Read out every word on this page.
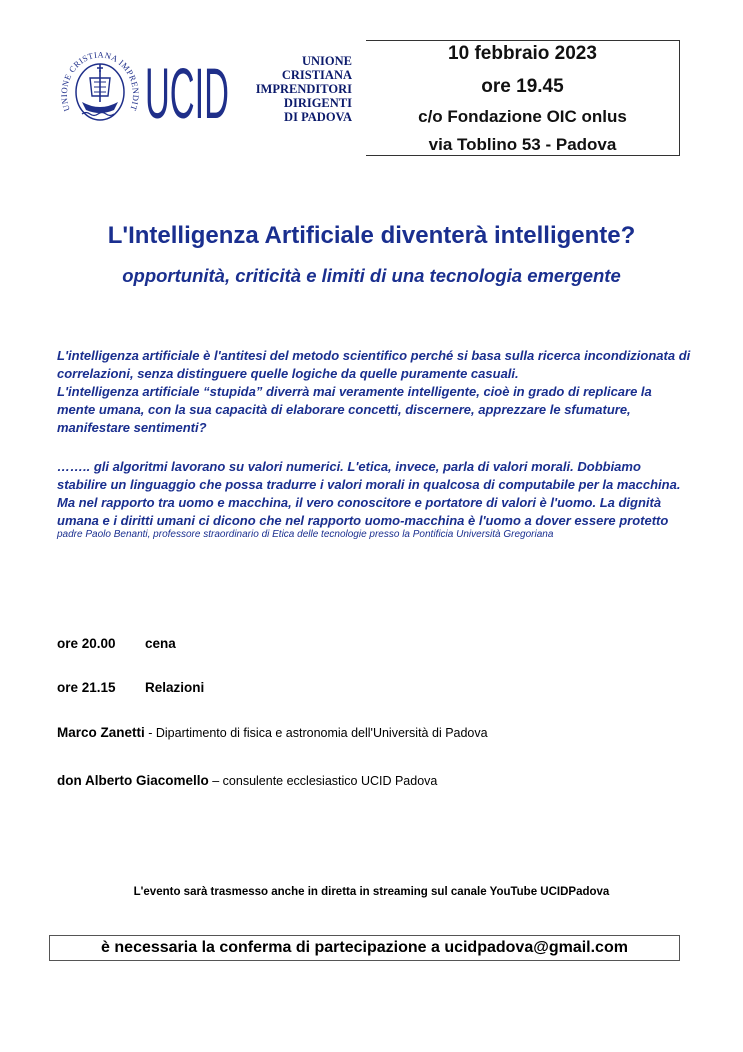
UN NE CRISTIANA IMPRE IT UCID	UNIONE
CRISTIANA
IMPRENDITORI
DIRIGENTI
DI PADOVA
10 febbraio 2023
ore 19.45
c/o Fondazione OIC onlus
via Toblino 53 - Padova
L'Intelligenza Artificiale diventerà intelligente?
opportunità, criticità e limiti di una tecnologia emergente
L'intelligenza artificiale è l'antitesi del metodo scientifico perché si basa sulla ricerca incondizionata di correlazioni, senza distinguere quelle logiche da quelle puramente casuali.
L'intelligenza artificiale “stupida” diverrà mai veramente intelligente, cioè in grado di replicare la mente umana, con la sua capacità di elaborare concetti, discernere, apprezzare le sfumature, manifestare sentimenti?
…….. gli algoritmi lavorano su valori numerici. L'etica, invece, parla di valori morali. Dobbiamo stabilire un linguaggio che possa tradurre i valori morali in qualcosa di computabile per la macchina. Ma nel rapporto tra uomo e macchina, il vero conoscitore e portatore di valori è l'uomo. La dignità umana e i diritti umani ci dicono che nel rapporto uomo-macchina è l'uomo a dover essere protetto
padre Paolo Benanti, professore straordinario di Etica delle tecnologie presso la Pontificia Università Gregoriana
ore 20.00 cena
ore 21.15 Relazioni
Marco Zanetti - Dipartimento di fisica e astronomia dell'Università di Padova
don Alberto Giacomello – consulente ecclesiastico UCID Padova
L'evento sarà trasmesso anche in diretta in streaming sul canale YouTube UCIDPadova
è necessaria la conferma di partecipazione a ucidpadova@gmail.com
